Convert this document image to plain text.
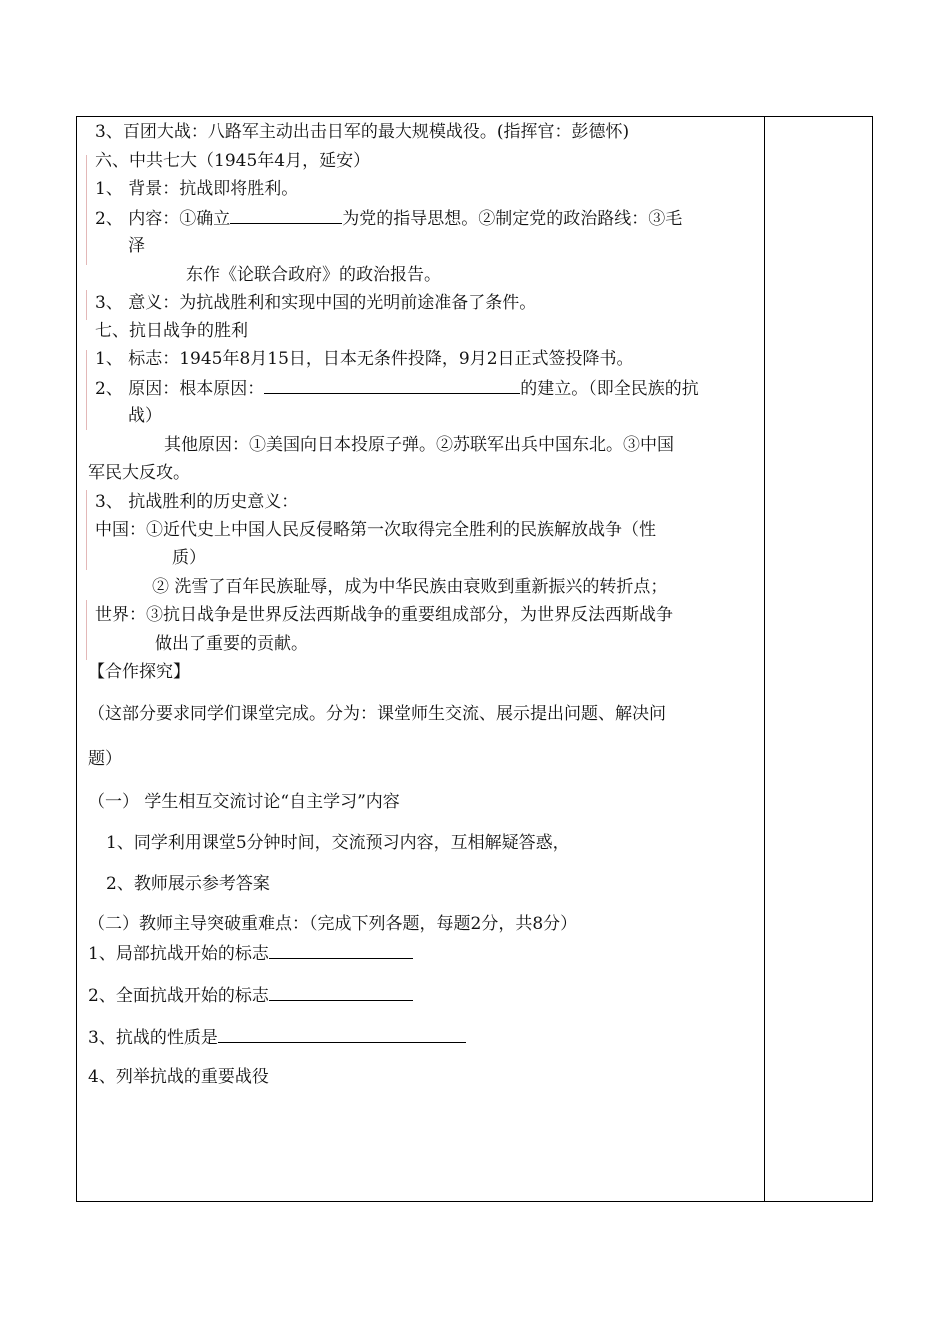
3、百团大战：八路军主动出击日军的最大规模战役。(指挥官：彭德怀)
六、中共七大（1945年4月，延安）
1、 背景：抗战即将胜利。
2、 内容：①确立	为党的指导思想。②制定党的政治路线：③毛
泽
东作《论联合政府》的政治报告。
3、 意义：为抗战胜利和实现中国的光明前途准备了条件。
七、抗日战争的胜利
1、 标志：1945年8月15日，日本无条件投降，9月2日正式签投降书。
2、 原因：根本原因：	的建立。（即全民族的抗
战）
其他原因：①美国向日本投原子弹。②苏联军出兵中国东北。③中国
军民大反攻。
3、 抗战胜利的历史意义：
中国：①近代史上中国人民反侵略第一次取得完全胜利的民族解放战争（性
质）
② 洗雪了百年民族耻辱，成为中华民族由衰败到重新振兴的转折点；
世界：③抗日战争是世界反法西斯战争的重要组成部分，为世界反法西斯战争
做出了重要的贡献。
【合作探究】
（这部分要求同学们课堂完成。分为：课堂师生交流、展示提出问题、解决问
题）
（一） 学生相互交流讨论“自主学习”内容
1、同学利用课堂5分钟时间，交流预习内容，互相解疑答惑，
2、教师展示参考答案
（二）教师主导突破重难点：（完成下列各题，每题2分，共8分）
1、局部抗战开始的标志
2、全面抗战开始的标志
3、抗战的性质是
4、列举抗战的重要战役
